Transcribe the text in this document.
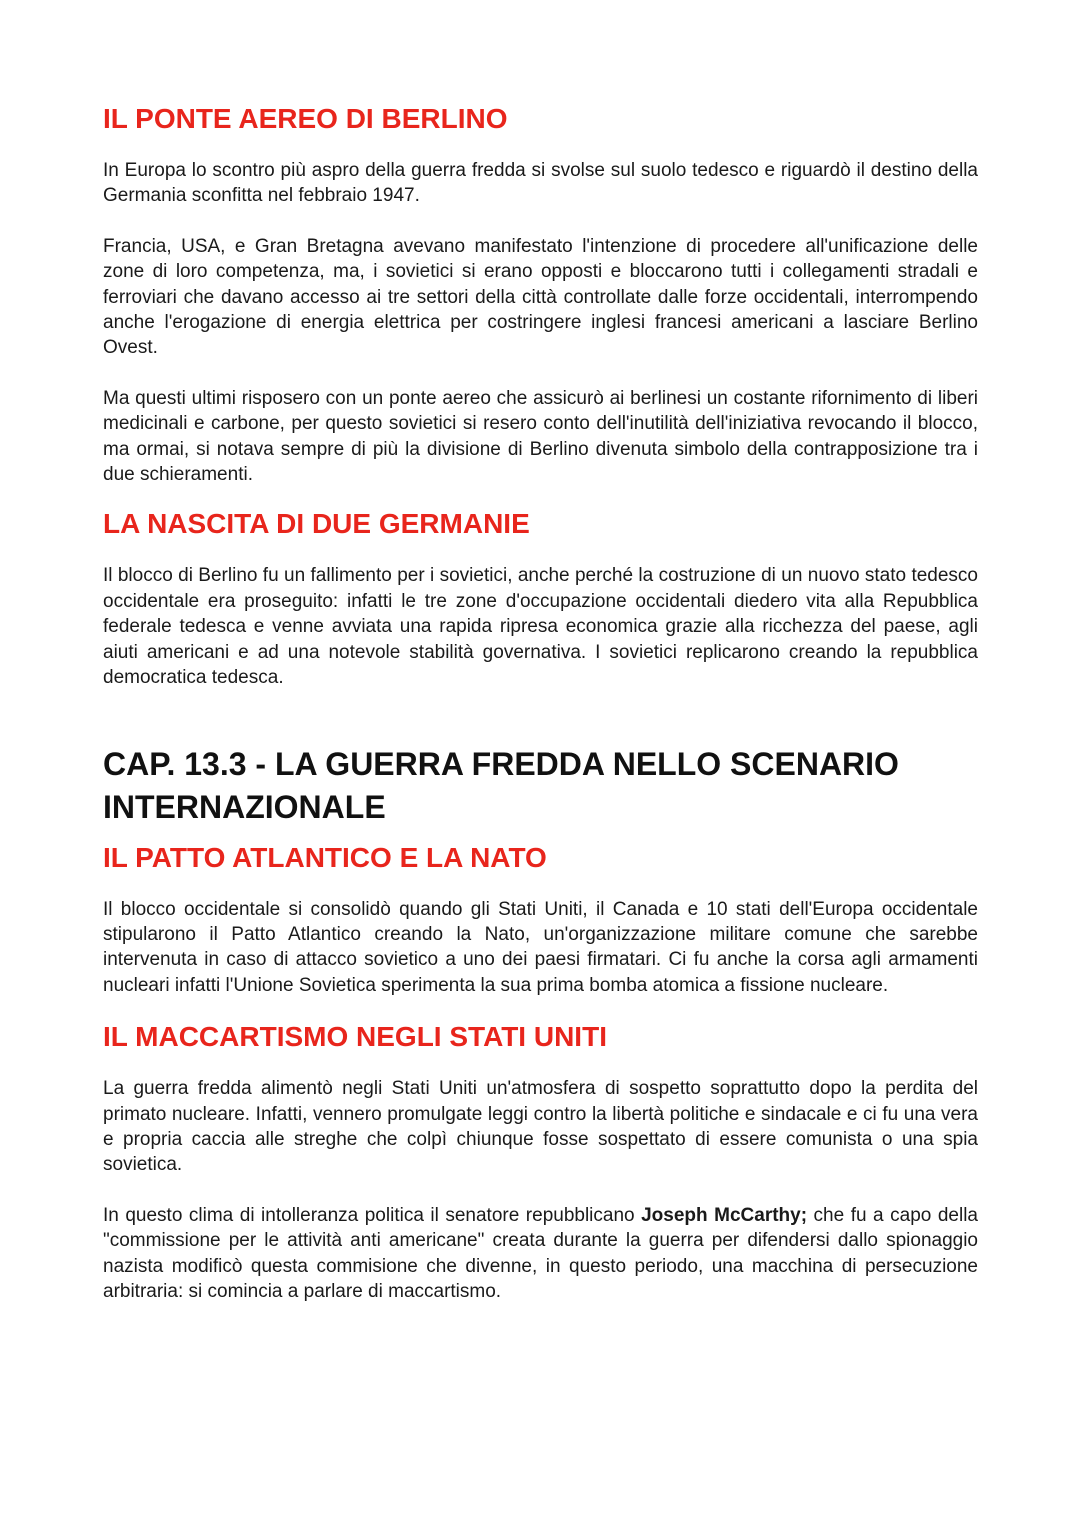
IL PONTE AEREO DI BERLINO

In Europa lo scontro più aspro della guerra fredda si svolse sul suolo tedesco e riguardò il destino della Germania sconfitta nel febbraio 1947.

Francia, USA, e Gran Bretagna avevano manifestato l'intenzione di procedere all'unificazione delle zone di loro competenza, ma, i sovietici si erano opposti e bloccarono tutti i collegamenti stradali e ferroviari che davano accesso ai tre settori della città controllate dalle forze occidentali, interrompendo anche l'erogazione di energia elettrica per costringere inglesi francesi americani a lasciare Berlino Ovest.

Ma questi ultimi risposero con un ponte aereo che assicurò ai berlinesi un costante rifornimento di liberi medicinali e carbone, per questo sovietici si resero conto dell'inutilità dell'iniziativa revocando il blocco, ma ormai, si notava sempre di più la divisione di Berlino divenuta simbolo della contrapposizione tra i due schieramenti.

LA NASCITA DI DUE GERMANIE

Il blocco di Berlino fu un fallimento per i sovietici, anche perché la costruzione di un nuovo stato tedesco occidentale era proseguito: infatti le tre zone d'occupazione occidentali diedero vita alla Repubblica federale tedesca e venne avviata una rapida ripresa economica grazie alla ricchezza del paese, agli aiuti americani e ad una notevole stabilità governativa. I sovietici replicarono creando la repubblica democratica tedesca.

CAP. 13.3 - LA GUERRA FREDDA NELLO SCENARIO INTERNAZIONALE
IL PATTO ATLANTICO E LA NATO

Il blocco occidentale si consolidò quando gli Stati Uniti, il Canada e 10 stati dell'Europa occidentale stipularono il Patto Atlantico creando la Nato, un'organizzazione militare comune che sarebbe intervenuta in caso di attacco sovietico a uno dei paesi firmatari. Ci fu anche la corsa agli armamenti nucleari infatti l'Unione Sovietica sperimenta la sua prima bomba atomica a fissione nucleare.

IL MACCARTISMO NEGLI STATI UNITI

La guerra fredda alimentò negli Stati Uniti un'atmosfera di sospetto soprattutto dopo la perdita del primato nucleare. Infatti, vennero promulgate leggi contro la libertà politiche e sindacale e ci fu una vera e propria caccia alle streghe che colpì chiunque fosse sospettato di essere comunista o una spia sovietica.

In questo clima di intolleranza politica il senatore repubblicano Joseph McCarthy; che fu a capo della "commissione per le attività anti americane" creata durante la guerra per difendersi dallo spionaggio nazista modificò questa commisione che divenne, in questo periodo, una macchina di persecuzione arbitraria: si comincia a parlare di maccartismo.
